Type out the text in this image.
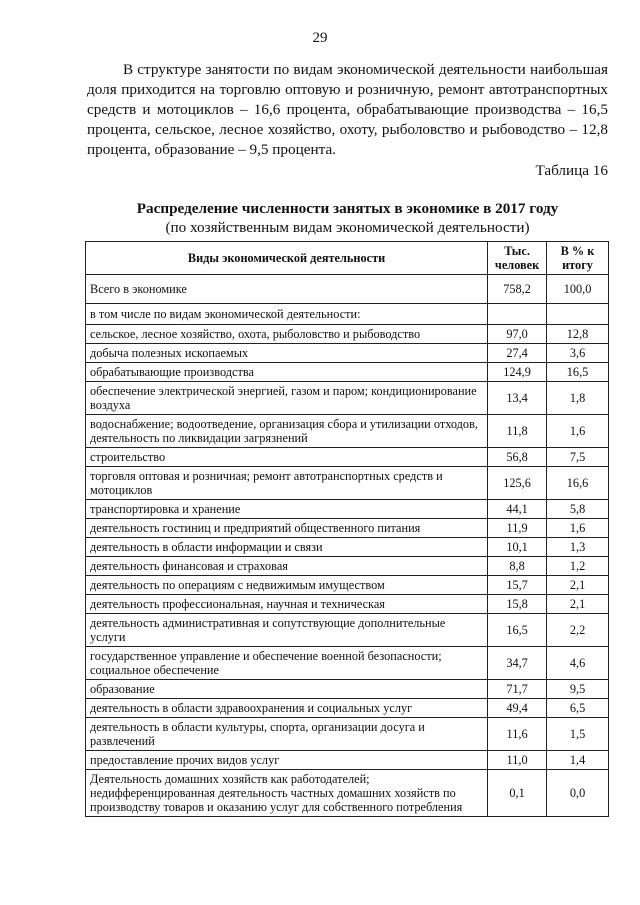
29

В структуре занятости по видам экономической деятельности наибольшая доля приходится на торговлю оптовую и розничную, ремонт автотранспортных средств и мотоциклов – 16,6 процента, обрабатывающие производства – 16,5 процента, сельское, лесное хозяйство, охоту, рыболовство и рыбоводство – 12,8 процента, образование – 9,5 процента.

Таблица 16
Распределение численности занятых в экономике в 2017 году
(по хозяйственным видам экономической деятельности)
Виды экономической деятельности	Тыс. человек	В % к итогу
Всего в экономике	758,2	100,0
в том числе по видам экономической деятельности:		
сельское, лесное хозяйство, охота, рыболовство и рыбоводство	97,0	12,8
добыча полезных ископаемых	27,4	3,6
обрабатывающие производства	124,9	16,5
обеспечение электрической энергией, газом и паром; кондиционирование воздуха	13,4	1,8
водоснабжение; водоотведение, организация сбора и утилизации отходов, деятельность по ликвидации загрязнений	11,8	1,6
строительство	56,8	7,5
торговля оптовая и розничная; ремонт автотранспортных средств и мотоциклов	125,6	16,6
транспортировка и хранение	44,1	5,8
деятельность гостиниц и предприятий общественного питания	11,9	1,6
деятельность в области информации и связи	10,1	1,3
деятельность финансовая и страховая	8,8	1,2
деятельность по операциям с недвижимым имуществом	15,7	2,1
деятельность профессиональная, научная и техническая	15,8	2,1
деятельность административная и сопутствующие дополнительные услуги	16,5	2,2
государственное управление и обеспечение военной безопасности; социальное обеспечение	34,7	4,6
образование	71,7	9,5
деятельность в области здравоохранения и социальных услуг	49,4	6,5
деятельность в области культуры, спорта, организации досуга и развлечений	11,6	1,5
предоставление прочих видов услуг	11,0	1,4
Деятельность домашних хозяйств как работодателей; недифференцированная деятельность частных домашних хозяйств по производству товаров и оказанию услуг для собственного потребления	0,1	0,0
